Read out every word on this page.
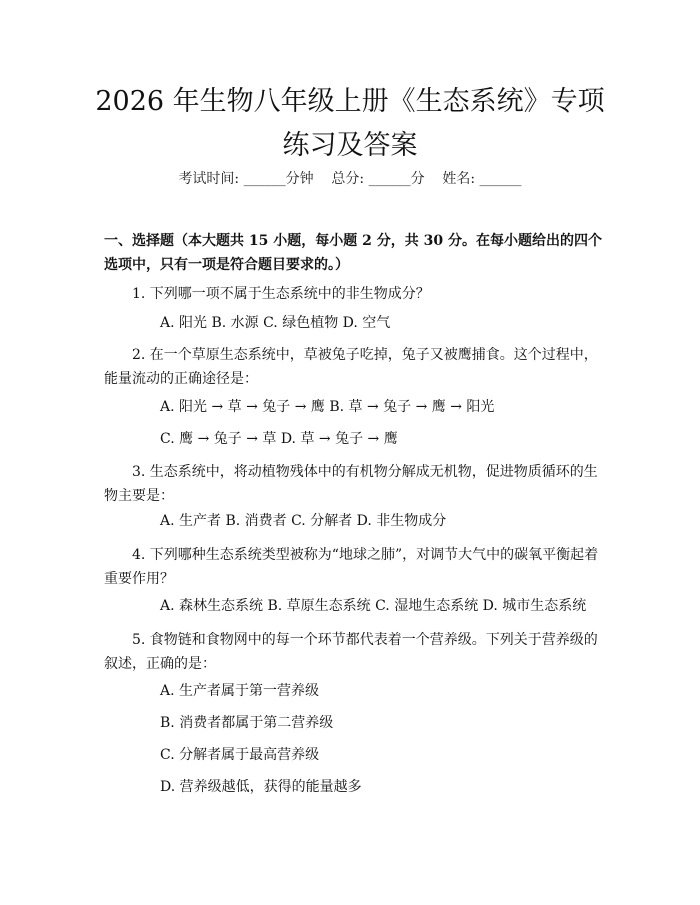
2026 年生物八年级上册《生态系统》专项练习及答案
考试时间: ______分钟    总分: ______分    姓名: ______

一、选择题（本大题共 15 小题，每小题 2 分，共 30 分。在每小题给出的四个选项中，只有一项是符合题目要求的。）

1. 下列哪一项不属于生态系统中的非生物成分？

A. 阳光 B. 水源 C. 绿色植物 D. 空气

2. 在一个草原生态系统中，草被兔子吃掉，兔子又被鹰捕食。这个过程中，能量流动的正确途径是：

A. 阳光 → 草 → 兔子 → 鹰 B. 草 → 兔子 → 鹰 → 阳光

C. 鹰 → 兔子 → 草 D. 草 → 兔子 → 鹰

3. 生态系统中，将动植物残体中的有机物分解成无机物，促进物质循环的生物主要是：

A. 生产者 B. 消费者 C. 分解者 D. 非生物成分

4. 下列哪种生态系统类型被称为“地球之肺”，对调节大气中的碳氧平衡起着重要作用？

A. 森林生态系统 B. 草原生态系统 C. 湿地生态系统 D. 城市生态系统

5. 食物链和食物网中的每一个环节都代表着一个营养级。下列关于营养级的叙述，正确的是：

A. 生产者属于第一营养级

B. 消费者都属于第二营养级

C. 分解者属于最高营养级

D. 营养级越低，获得的能量越多
